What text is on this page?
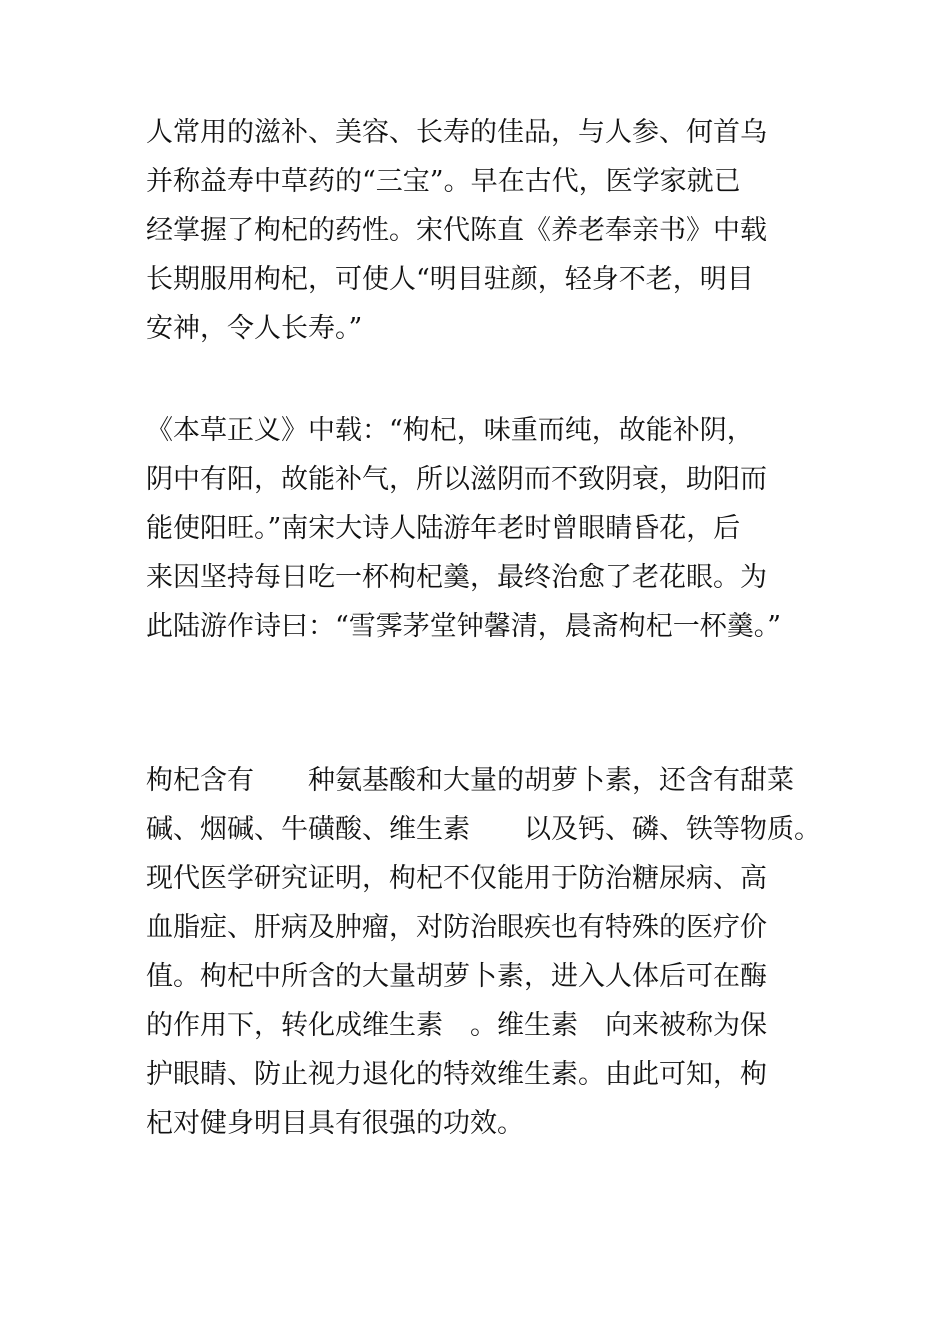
人常用的滋补、美容、长寿的佳品，与人参、何首乌
并称益寿中草药的“三宝”。早在古代，医学家就已
经掌握了枸杞的药性。宋代陈直《养老奉亲书》中载
长期服用枸杞，可使人“明目驻颜，轻身不老，明目
安神，令人长寿。”
《本草正义》中载：“枸杞，味重而纯，故能补阴，
阴中有阳，故能补气，所以滋阴而不致阴衰，助阳而
能使阳旺。”南宋大诗人陆游年老时曾眼睛昏花，后
来因坚持每日吃一杯枸杞羹，最终治愈了老花眼。为
此陆游作诗曰：“雪霁茅堂钟馨清，晨斋枸杞一杯羹。”
枸杞含有　　种氨基酸和大量的胡萝卜素，还含有甜菜
碱、烟碱、牛磺酸、维生素　　以及钙、磷、铁等物质。
现代医学研究证明，枸杞不仅能用于防治糖尿病、高
血脂症、肝病及肿瘤，对防治眼疾也有特殊的医疗价
值。枸杞中所含的大量胡萝卜素，进入人体后可在酶
的作用下，转化成维生素　。维生素　向来被称为保
护眼睛、防止视力退化的特效维生素。由此可知，枸
杞对健身明目具有很强的功效。
